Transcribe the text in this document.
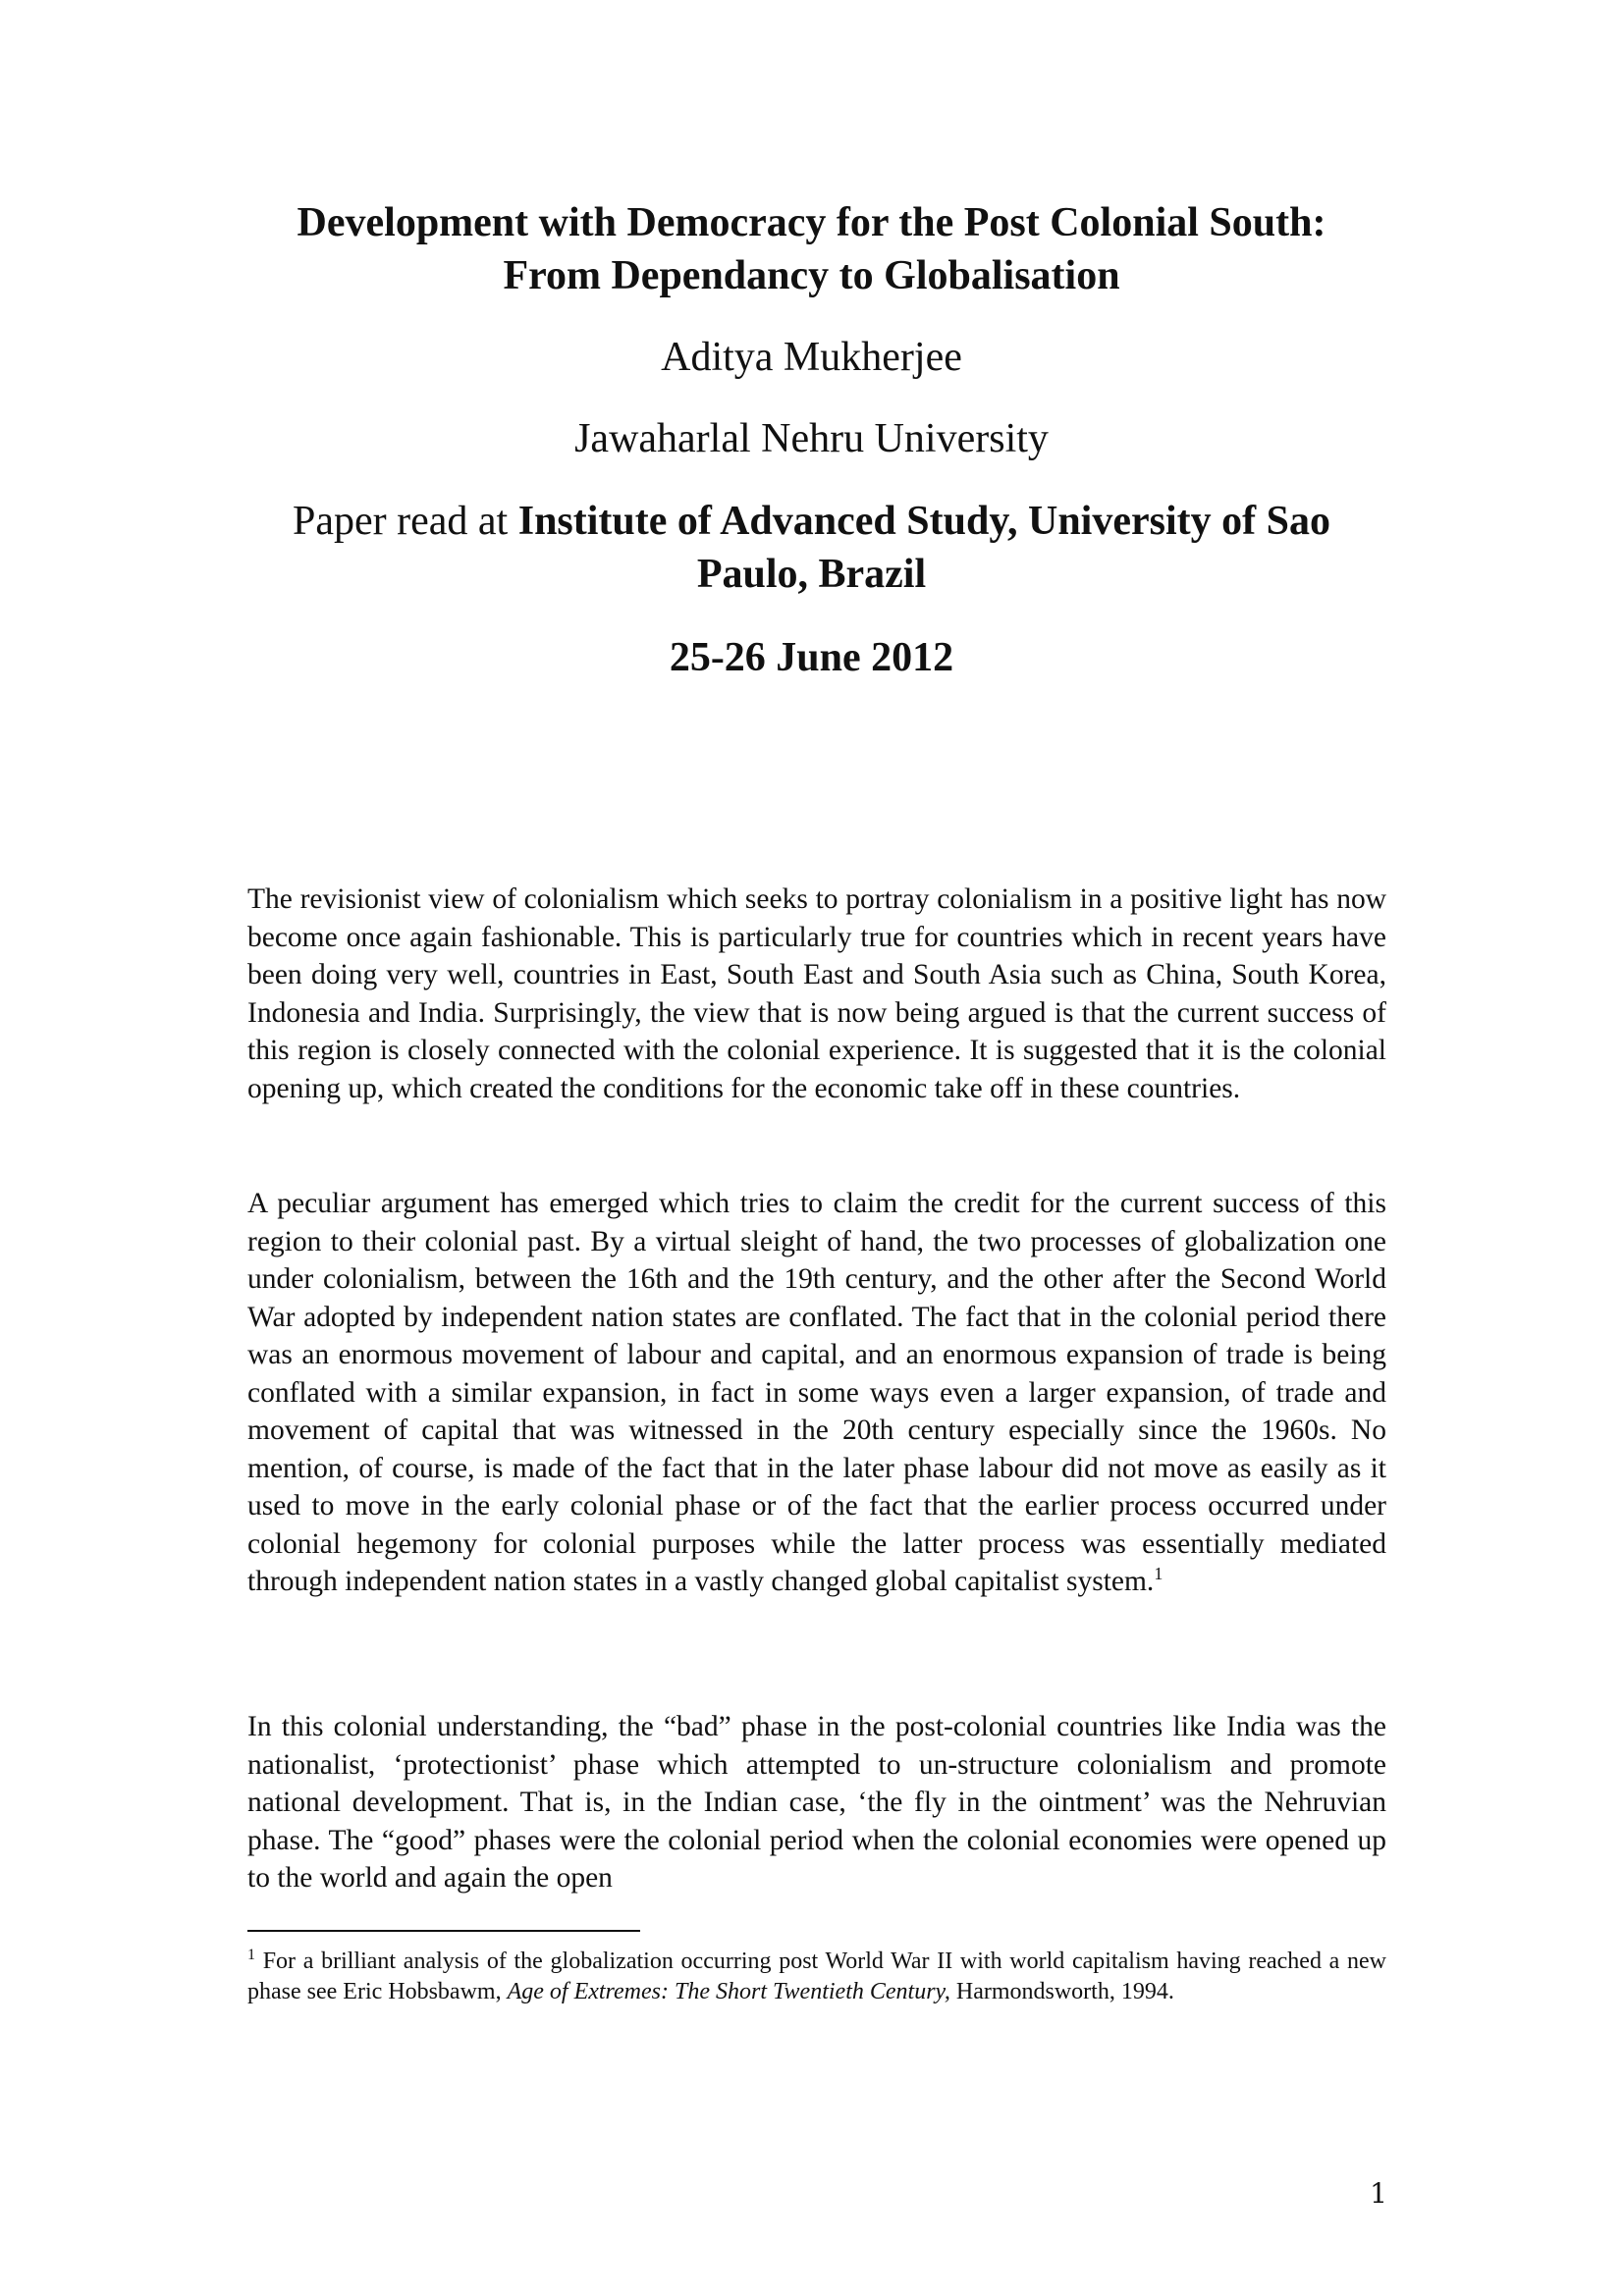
Development with Democracy for the Post Colonial South:
From Dependancy to Globalisation

Aditya Mukherjee

Jawaharlal Nehru University

Paper read at Institute of Advanced Study, University of Sao

Paulo, Brazil

25-26 June 2012

The revisionist view of colonialism which seeks to portray colonialism in a positive light has now become once again fashionable. This is particularly true for countries which in recent years have been doing very well, countries in East, South East and South Asia such as China, South Korea, Indonesia and India. Surprisingly, the view that is now being argued is that the current success of this region is closely connected with the colonial experience. It is suggested that it is the colonial opening up, which created the conditions for the economic take off in these countries.

A peculiar argument has emerged which tries to claim the credit for the current success of this region to their colonial past. By a virtual sleight of hand, the two processes of globalization one under colonialism, between the 16th and the 19th century, and the other after the Second World War adopted by independent nation states are conflated. The fact that in the colonial period there was an enormous movement of labour and capital, and an enormous expansion of trade is being conflated with a similar expansion, in fact in some ways even a larger expansion, of trade and movement of capital that was witnessed in the 20th century especially since the 1960s. No mention, of course, is made of the fact that in the later phase labour did not move as easily as it used to move in the early colonial phase or of the fact that the earlier process occurred under colonial hegemony for colonial purposes while the latter process was essentially mediated through independent nation states in a vastly changed global capitalist system.$^1$

In this colonial understanding, the “bad” phase in the post-colonial countries like India was the nationalist, ‘protectionist’ phase which attempted to un-structure colonialism and promote national development. That is, in the Indian case, ‘the fly in the ointment’ was the Nehruvian phase. The “good” phases were the colonial period when the colonial economies were opened up to the world and again the open

$^1$ For a brilliant analysis of the globalization occurring post World War II with world capitalism having reached a new phase see Eric Hobsbawm, Age of Extremes: The Short Twentieth Century, Harmondsworth, 1994.

1
